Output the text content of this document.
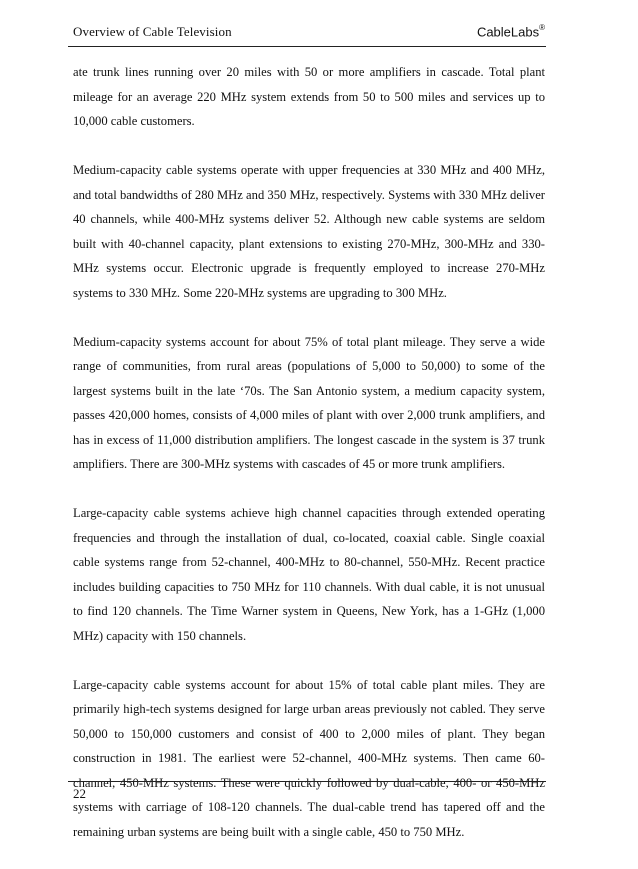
Overview of Cable Television	CableLabs®

ate trunk lines running over 20 miles with 50 or more amplifiers in cascade. Total plant mileage for an average 220 MHz system extends from 50 to 500 miles and services up to 10,000 cable customers.

Medium-capacity cable systems operate with upper frequencies at 330 MHz and 400 MHz, and total bandwidths of 280 MHz and 350 MHz, respectively. Systems with 330 MHz deliver 40 channels, while 400-MHz systems deliver 52. Although new cable systems are seldom built with 40-channel capacity, plant extensions to existing 270-MHz, 300-MHz and 330-MHz systems occur. Electronic upgrade is frequently employed to increase 270-MHz systems to 330 MHz. Some 220-MHz systems are upgrading to 300 MHz.

Medium-capacity systems account for about 75% of total plant mileage. They serve a wide range of communities, from rural areas (populations of 5,000 to 50,000) to some of the largest systems built in the late ‘70s. The San Antonio system, a medium capacity system, passes 420,000 homes, consists of 4,000 miles of plant with over 2,000 trunk amplifiers, and has in excess of 11,000 distribution amplifiers. The longest cascade in the system is 37 trunk amplifiers. There are 300-MHz systems with cascades of 45 or more trunk amplifiers.

Large-capacity cable systems achieve high channel capacities through extended operating frequencies and through the installation of dual, co-located, coaxial cable. Single coaxial cable systems range from 52-channel, 400-MHz to 80-channel, 550-MHz. Recent practice includes building capacities to 750 MHz for 110 channels. With dual cable, it is not unusual to find 120 channels. The Time Warner system in Queens, New York, has a 1-GHz (1,000 MHz) capacity with 150 channels.

Large-capacity cable systems account for about 15% of total cable plant miles. They are primarily high-tech systems designed for large urban areas previously not cabled. They serve 50,000 to 150,000 customers and consist of 400 to 2,000 miles of plant. They began construction in 1981. The earliest were 52-channel, 400-MHz systems. Then came 60-channel, 450-MHz systems. These were quickly followed by dual-cable, 400- or 450-MHz systems with carriage of 108-120 channels. The dual-cable trend has tapered off and the remaining urban systems are being built with a single cable, 450 to 750 MHz.

22
